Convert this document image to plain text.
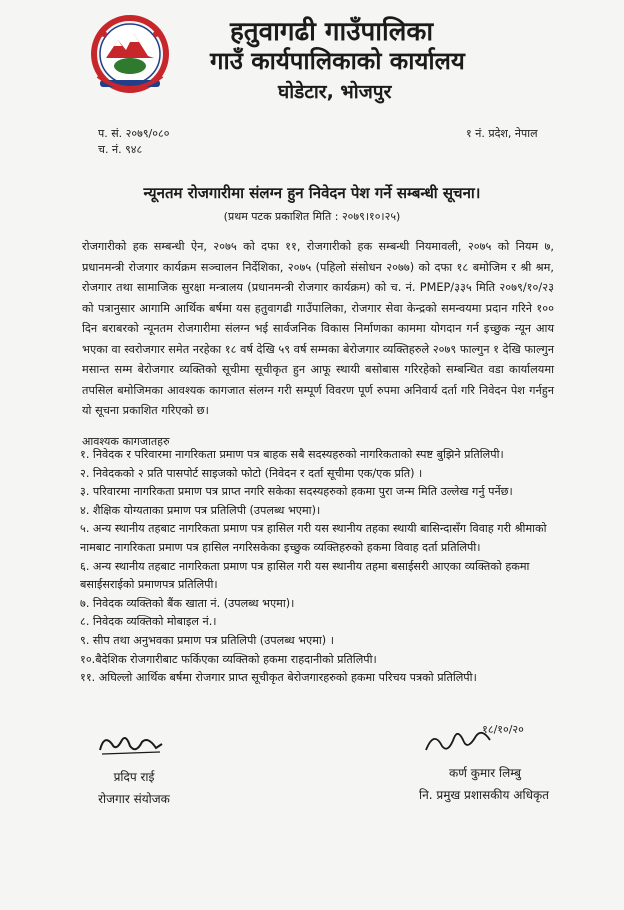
हतुवागढी गाउँपालिका
गाउँ कार्यपालिकाको कार्यालय
घोडेटार, भोजपुर
प. सं. २०७९/०८०
च. नं. ९४८
१ नं. प्रदेश, नेपाल
न्यूनतम रोजगारीमा संलग्न हुन निवेदन पेश गर्ने सम्बन्धी सूचना।
(प्रथम पटक प्रकाशित मिति : २०७९।१०।२५)
रोजगारीको हक सम्बन्धी ऐन, २०७५ को दफा ११, रोजगारीको हक सम्बन्धी नियमावली, २०७५ को नियम ७, प्रधानमन्त्री रोजगार कार्यक्रम सञ्चालन निर्देशिका, २०७५ (पहिलो संसोधन २०७७) को दफा १८ बमोजिम र श्री श्रम, रोजगार तथा सामाजिक सुरक्षा मन्त्रालय (प्रधानमन्त्री रोजगार कार्यक्रम) को च. नं. PMEP/३३५ मिति २०७९/१०/२३ को पत्रानुसार आगामि आर्थिक बर्षमा यस हतुवागढी गाउँपालिका, रोजगार सेवा केन्द्रको समन्वयमा प्रदान गरिने १०० दिन बराबरको न्यूनतम रोजगारीमा संलग्न भई सार्वजनिक विकास निर्माणका काममा योगदान गर्न इच्छुक न्यून आय भएका वा स्वरोजगार समेत नरहेका १८ वर्ष देखि ५९ वर्ष सम्मका बेरोजगार व्यक्तिहरुले २०७९ फाल्गुन १ देखि फाल्गुन मसान्त सम्म बेरोजगार व्यक्तिको सूचीमा सूचीकृत हुन आफू स्थायी बसोबास गरिरहेको सम्बन्धित वडा कार्यालयमा तपसिल बमोजिमका आवश्यक कागजात संलग्न गरी सम्पूर्ण विवरण पूर्ण रुपमा अनिवार्य दर्ता गरि निवेदन पेश गर्नहुन यो सूचना प्रकाशित गरिएको छ।
आवश्यक कागजातहरु
१. निवेदक र परिवारमा नागरिकता प्रमाण पत्र बाहक सबै सदस्यहरुको नागरिकताको स्पष्ट बुझिने प्रतिलिपी।
२. निवेदकको २ प्रति पासपोर्ट साइजको फोटो (निवेदन र दर्ता सूचीमा एक/एक प्रति) ।
३. परिवारमा नागरिकता प्रमाण पत्र प्राप्त नगरि सकेका सदस्यहरुको हकमा पुरा जन्म मिति उल्लेख गर्नु पर्नेछ।
४. शैक्षिक योग्यताका प्रमाण पत्र प्रतिलिपी (उपलब्ध भएमा)।
५. अन्य स्थानीय तहबाट नागरिकता प्रमाण पत्र हासिल गरी यस स्थानीय तहका स्थायी बासिन्दासँग विवाह गरी श्रीमाको नामबाट नागरिकता प्रमाण पत्र हासिल नगरिसकेका इच्छुक व्यक्तिहरुको हकमा विवाह दर्ता प्रतिलिपी।
६. अन्य स्थानीय तहबाट नागरिकता प्रमाण पत्र हासिल गरी यस स्थानीय तहमा बसाईसरी आएका व्यक्तिको हकमा बसाईसराईको प्रमाणपत्र प्रतिलिपी।
७. निवेदक व्यक्तिको बैंक खाता नं. (उपलब्ध भएमा)।
८. निवेदक व्यक्तिको मोबाइल नं.।
९. सीप तथा अनुभवका प्रमाण पत्र प्रतिलिपी (उपलब्ध भएमा) ।
१०.बैदेशिक रोजगारीबाट फर्किएका व्यक्तिको हकमा राहदानीको प्रतिलिपी।
११. अघिल्लो आर्थिक बर्षमा रोजगार प्राप्त सूचीकृत बेरोजगारहरुको हकमा परिचय पत्रको प्रतिलिपी।
प्रदिप राई
रोजगार संयोजक
१८/१०/२०
कर्ण कुमार लिम्बु
नि. प्रमुख प्रशासकीय अधिकृत
